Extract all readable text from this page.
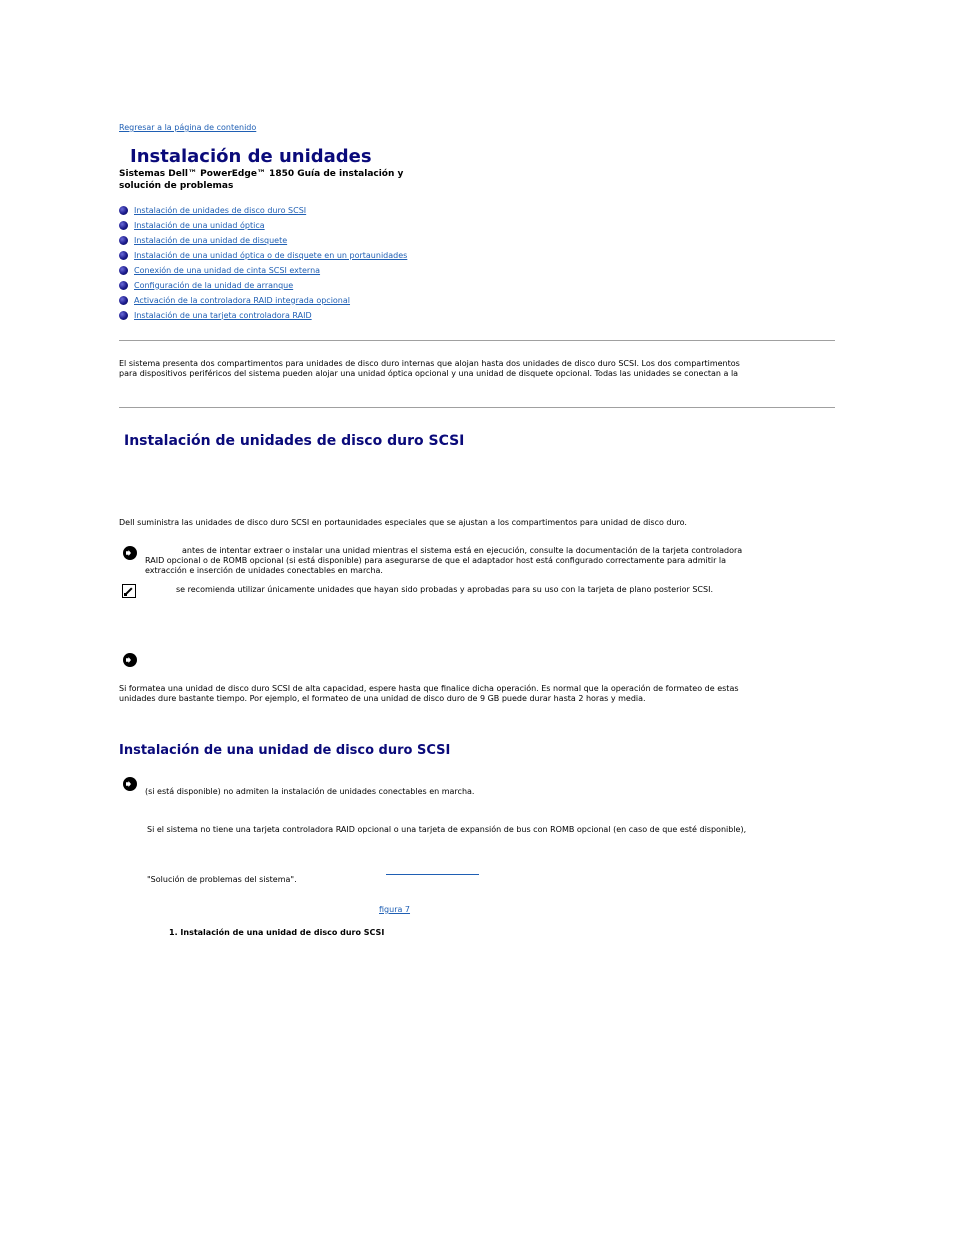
Regresar a la página de contenido
Instalación de unidades
Sistemas Dell™ PowerEdge™ 1850 Guía de instalación y
solución de problemas
Instalación de unidades de disco duro SCSI
Instalación de una unidad óptica
Instalación de una unidad de disquete
Instalación de una unidad óptica o de disquete en un portaunidades
Conexión de una unidad de cinta SCSI externa
Configuración de la unidad de arranque
Activación de la controladora RAID integrada opcional
Instalación de una tarjeta controladora RAID
El sistema presenta dos compartimentos para unidades de disco duro internas que alojan hasta dos unidades de disco duro SCSI. Los dos compartimentos
para dispositivos periféricos del sistema pueden alojar una unidad óptica opcional y una unidad de disquete opcional. Todas las unidades se conectan a la
Instalación de unidades de disco duro SCSI
Dell suministra las unidades de disco duro SCSI en portaunidades especiales que se ajustan a los compartimentos para unidad de disco duro.
antes de intentar extraer o instalar una unidad mientras el sistema está en ejecución, consulte la documentación de la tarjeta controladora
RAID opcional o de ROMB opcional (si está disponible) para asegurarse de que el adaptador host está configurado correctamente para admitir la
extracción e inserción de unidades conectables en marcha.
se recomienda utilizar únicamente unidades que hayan sido probadas y aprobadas para su uso con la tarjeta de plano posterior SCSI.
Si formatea una unidad de disco duro SCSI de alta capacidad, espere hasta que finalice dicha operación. Es normal que la operación de formateo de estas
unidades dure bastante tiempo. Por ejemplo, el formateo de una unidad de disco duro de 9 GB puede durar hasta 2 horas y media.
Instalación de una unidad de disco duro SCSI
(si está disponible) no admiten la instalación de unidades conectables en marcha.
Si el sistema no tiene una tarjeta controladora RAID opcional o una tarjeta de expansión de bus con ROMB opcional (en caso de que esté disponible),
"Solución de problemas del sistema".
figura 7
1. Instalación de una unidad de disco duro SCSI
